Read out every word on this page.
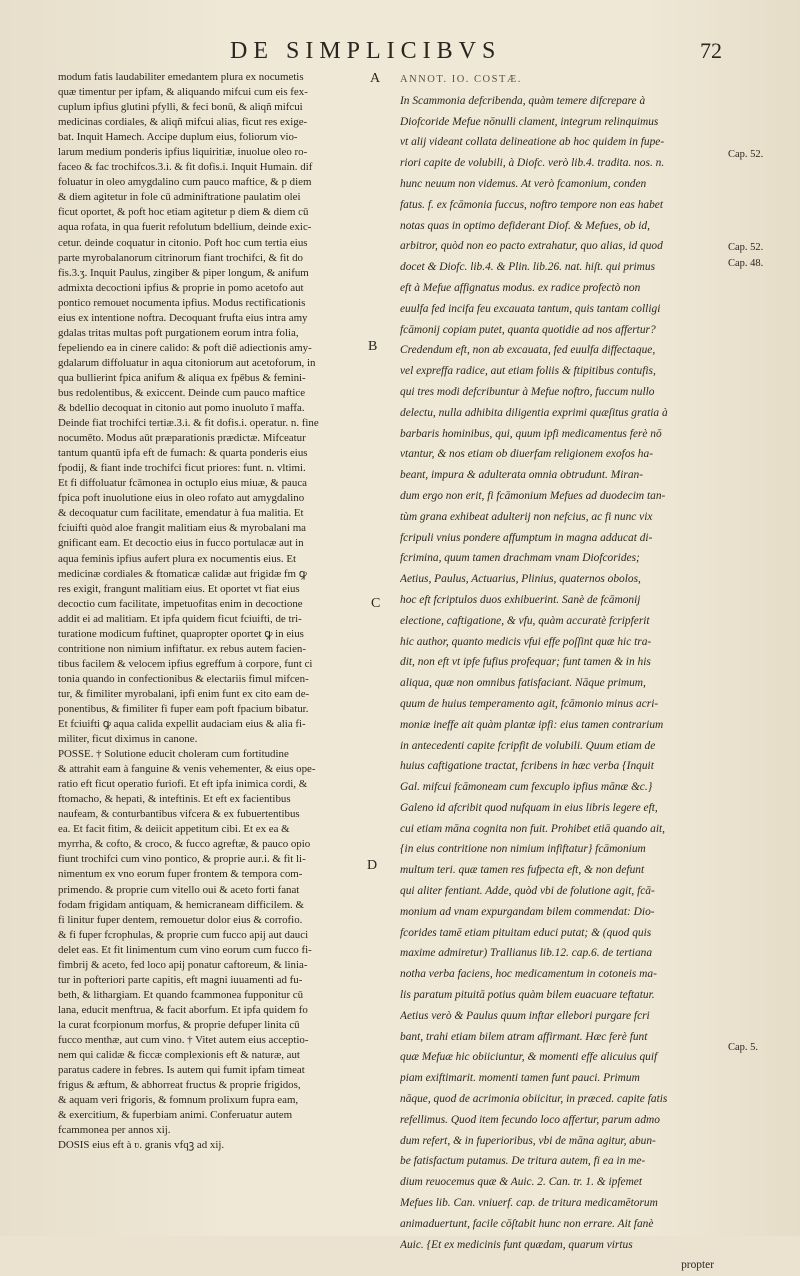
DE SIMPLICIBVS	72

modum fatis laudabiliter emedantem plura ex nocumetis

quæ timentur per ipfam, & aliquando mifcui cum eis fex-

cuplum ipfius glutini pfylli, & feci bonū, & aliqñ mifcui

medicinas cordiales, & aliqñ mifcui alias, ficut res exige-

bat. Inquit Hamech. Accipe duplum eius, foliorum vio-

larum medium ponderis ipfius liquiritiæ, inuolue oleo ro-

faceo & fac trochifcos.3.i. & fit dofis.i. Inquit Humain. dif

foluatur in oleo amygdalino cum pauco maftice, & p diem

& diem agitetur in fole cū adminiftratione paulatim olei

ficut oportet, & poft hoc etiam agitetur p diem & diem cū

aqua rofata, in qua fuerit refolutum bdellium, deinde exic-

cetur. deinde coquatur in citonio. Poft hoc cum tertia eius

parte myrobalanorum citrinorum fiant trochifci, & fit do

fis.3.ʒ. Inquit Paulus, zingiber & piper longum, & anifum

admixta decoctioni ipfius & proprie in pomo acetofo aut

pontico remouet nocumenta ipfius. Modus rectificationis

eius ex intentione noftra. Decoquant frufta eius intra amy

gdalas tritas multas poft purgationem eorum intra folia,

fepeliendo ea in cinere calido: & poft diē adiectionis amy-

gdalarum diffoluatur in aqua citoniorum aut acetoforum, in

qua bullierint fpica anifum & aliqua ex fpēbus & femini-

bus redolentibus, & exiccent. Deinde cum pauco maftice

& bdellio decoquat in citonio aut pomo inuoluto ī maffa.

Deinde fiat trochifci tertiæ.3.i. & fit dofis.i. operatur. n. fine

nocumēto. Modus aūt præparationis prædictæ. Mifceatur

tantum quantū ipfa eft de fumach: & quarta ponderis eius

fpodij, & fiant inde trochifci ficut priores: funt. n. vltimi.

Et fi diffoluatur fcāmonea in octuplo eius miuæ, & pauca

fpica poft inuolutione eius in oleo rofato aut amygdalino

& decoquatur cum facilitate, emendatur à fua malitia. Et

fciuifti quòd aloe frangit malitiam eius & myrobalani ma

gnificant eam. Et decoctio eius in fucco portulacæ aut in

aqua feminis ipfius aufert plura ex nocumentis eius. Et

medicinæ cordiales & ftomaticæ calidæ aut frigidæ fm ꝙ

res exigit, frangunt malitiam eius. Et oportet vt fiat eius

decoctio cum facilitate, impetuofitas enim in decoctione

addit ei ad malitiam. Et ipfa quidem ficut fciuifti, de tri-

turatione modicum fuftinet, quapropter oportet ꝙ in eius

contritione non nimium infiftatur. ex rebus autem facien-

tibus facilem & velocem ipfius egreffum à corpore, funt ci

tonia quando in confectionibus & electariis fimul mifcen-

tur, & fimiliter myrobalani, ipfi enim funt ex cito eam de-

ponentibus, & fimiliter fi fuper eam poft fpacium bibatur.

Et fciuifti ꝙ aqua calida expellit audaciam eius & alia fi-

militer, ficut diximus in canone.

POSSE. † Solutione educit choleram cum fortitudine

& attrahit eam à fanguine & venis vehementer, & eius ope-

ratio eft ficut operatio furiofi. Et eft ipfa inimica cordi, &

ftomacho, & hepati, & inteftinis. Et eft ex facientibus

naufeam, & conturbantibus vifcera & ex fubuertentibus

ea. Et facit fitim, & deiicit appetitum cibi. Et ex ea &

myrrha, & cofto, & croco, & fucco agreftæ, & pauco opio

fiunt trochifci cum vino pontico, & proprie aur.i. & fit li-

nimentum ex vno eorum fuper frontem & tempora com-

primendo. & proprie cum vitello oui & aceto forti fanat

fodam frigidam antiquam, & hemicraneam difficilem. &

fi linitur fuper dentem, remouetur dolor eius & corrofio.

& fi fuper fcrophulas, & proprie cum fucco apij aut dauci

delet eas. Et fit linimentum cum vino eorum cum fucco fi-

fimbrij & aceto, fed loco apij ponatur caftoreum, & linia-

tur in pofteriori parte capitis, eft magni iuuamenti ad fu-

beth, & lithargiam. Et quando fcammonea fupponitur cū

lana, educit menftrua, & facit aborfum. Et ipfa quidem fo

la curat fcorpionum morfus, & proprie defuper linita cū

fucco menthæ, aut cum vino. † Vitet autem eius acceptio-

nem qui calidæ & ficcæ complexionis eft & naturæ, aut

paratus cadere in febres. Is autem qui fumit ipfam timeat

frigus & æftum, & abhorreat fructus & proprie frigidos,

& aquam veri frigoris, & fomnum prolixum fupra eam,

& exercitium, & fuperbiam animi. Conferuatur autem

fcammonea per annos xij.

DOSIS eius eft à ʋ. granis vfqꝫ ad xij.

ANNOT. IO. COSTÆ.

In Scammonia defcribenda, quàm temere difcrepare à

Diofcoride Mefue nōnulli clament, integrum relinquimus

vt alij videant collata delineatione ab hoc quidem in fupe-

riori capite de volubili, à Diofc. verò lib.4. tradita. nos. n.

hunc neuum non videmus. At verò fcamonium, conden

fatus. f. ex fcāmonia fuccus, noftro tempore non eas habet

notas quas in optimo defiderant Diof. & Mefues, ob id,

arbitror, quòd non eo pacto extrahatur, quo alias, id quod

docet & Diofc. lib.4. & Plin. lib.26. nat. hiſt. qui primus

eft à Mefue affignatus modus. ex radice profectò non

euulfa fed incifa feu excauata tantum, quis tantam colligi

fcāmonij copiam putet, quanta quotidie ad nos affertur?

Credendum eft, non ab excauata, fed euulfa diffectaque,

vel expreffa radice, aut etiam foliis & ftipitibus contufis,

qui tres modi defcribuntur à Mefue noftro, fuccum nullo

delectu, nulla adhibita diligentia exprimi quæſitus gratia à

barbaris hominibus, qui, quum ipfi medicamentus ferè nō

vtantur, & nos etiam ob diuerfam religionem exofos ha-

beant, impura & adulterata omnia obtrudunt. Miran-

dum ergo non erit, fi fcāmonium Mefues ad duodecim tan-

tùm grana exhibeat adulterij non nefcius, ac fi nunc vix

fcripuli vnius pondere affumptum in magna adducat di-

fcrimina, quum tamen drachmam vnam Diofcorides;

Aetius, Paulus, Actuarius, Plinius, quaternos obolos,

hoc eft fcriptulos duos exhibuerint. Sanè de fcāmonij

electione, caftigatione, & vfu, quàm accuratè fcripferit

hic author, quanto medicis vfui effe poſſint quæ hic tra-

dit, non eft vt ipfe fufius profequar; funt tamen & in his

aliqua, quæ non omnibus fatisfaciant. Nāque primum,

quum de huius temperamento agit, fcāmonio minus acri-

moniæ ineffe ait quàm plantæ ipfi: eius tamen contrarium

in antecedenti capite fcripfit de volubili. Quum etiam de

huius caftigatione tractat, fcribens in hæc verba {Inquit

Gal. mifcui fcāmoneam cum fexcuplo ipfius mānæ &c.}

Galeno id afcribit quod nufquam in eius libris legere eft,

cui etiam māna cognita non fuit. Prohibet etiā quando ait,

{in eius contritione non nimium infiftatur} fcāmonium

multum teri. quæ tamen res fufpecta eft, & non defunt

qui aliter fentiant. Adde, quòd vbi de folutione agit, fcā-

monium ad vnam expurgandam bilem commendat: Dio-

fcorides tamē etiam pituitam educi putat; & (quod quis

maxime admiretur) Trallianus lib.12. cap.6. de tertiana

notha verba faciens, hoc medicamentum in cotoneis ma-

lis paratum pituitā potius quàm bilem euacuare teftatur.

Aetius verò & Paulus quum inftar ellebori purgare fcri

bant, trahi etiam bilem atram affirmant. Hæc ferè funt

quæ Mefuæ hic obiiciuntur, & momenti effe alicuius quif

piam exiftimarit. momenti tamen funt pauci. Primum

nāque, quod de acrimonia obiicitur, in præced. capite fatis

refellimus. Quod item fecundo loco affertur, parum admo

dum refert, & in fuperioribus, vbi de māna agitur, abun-

be fatisfactum putamus. De tritura autem, fi ea in me-

dium reuocemus quæ & Auic. 2. Can. tr. 1. & ipfemet

Mefues lib. Can. vniuerf. cap. de tritura medicamētorum

animaduertunt, facile cōſtabit hunc non errare. Ait fanè

Auic. {Et ex medicinis funt quædam, quarum virtus

propter

A
B
C
D
Cap. 52.
Cap. 52.
Cap. 48.
Cap. 5.
